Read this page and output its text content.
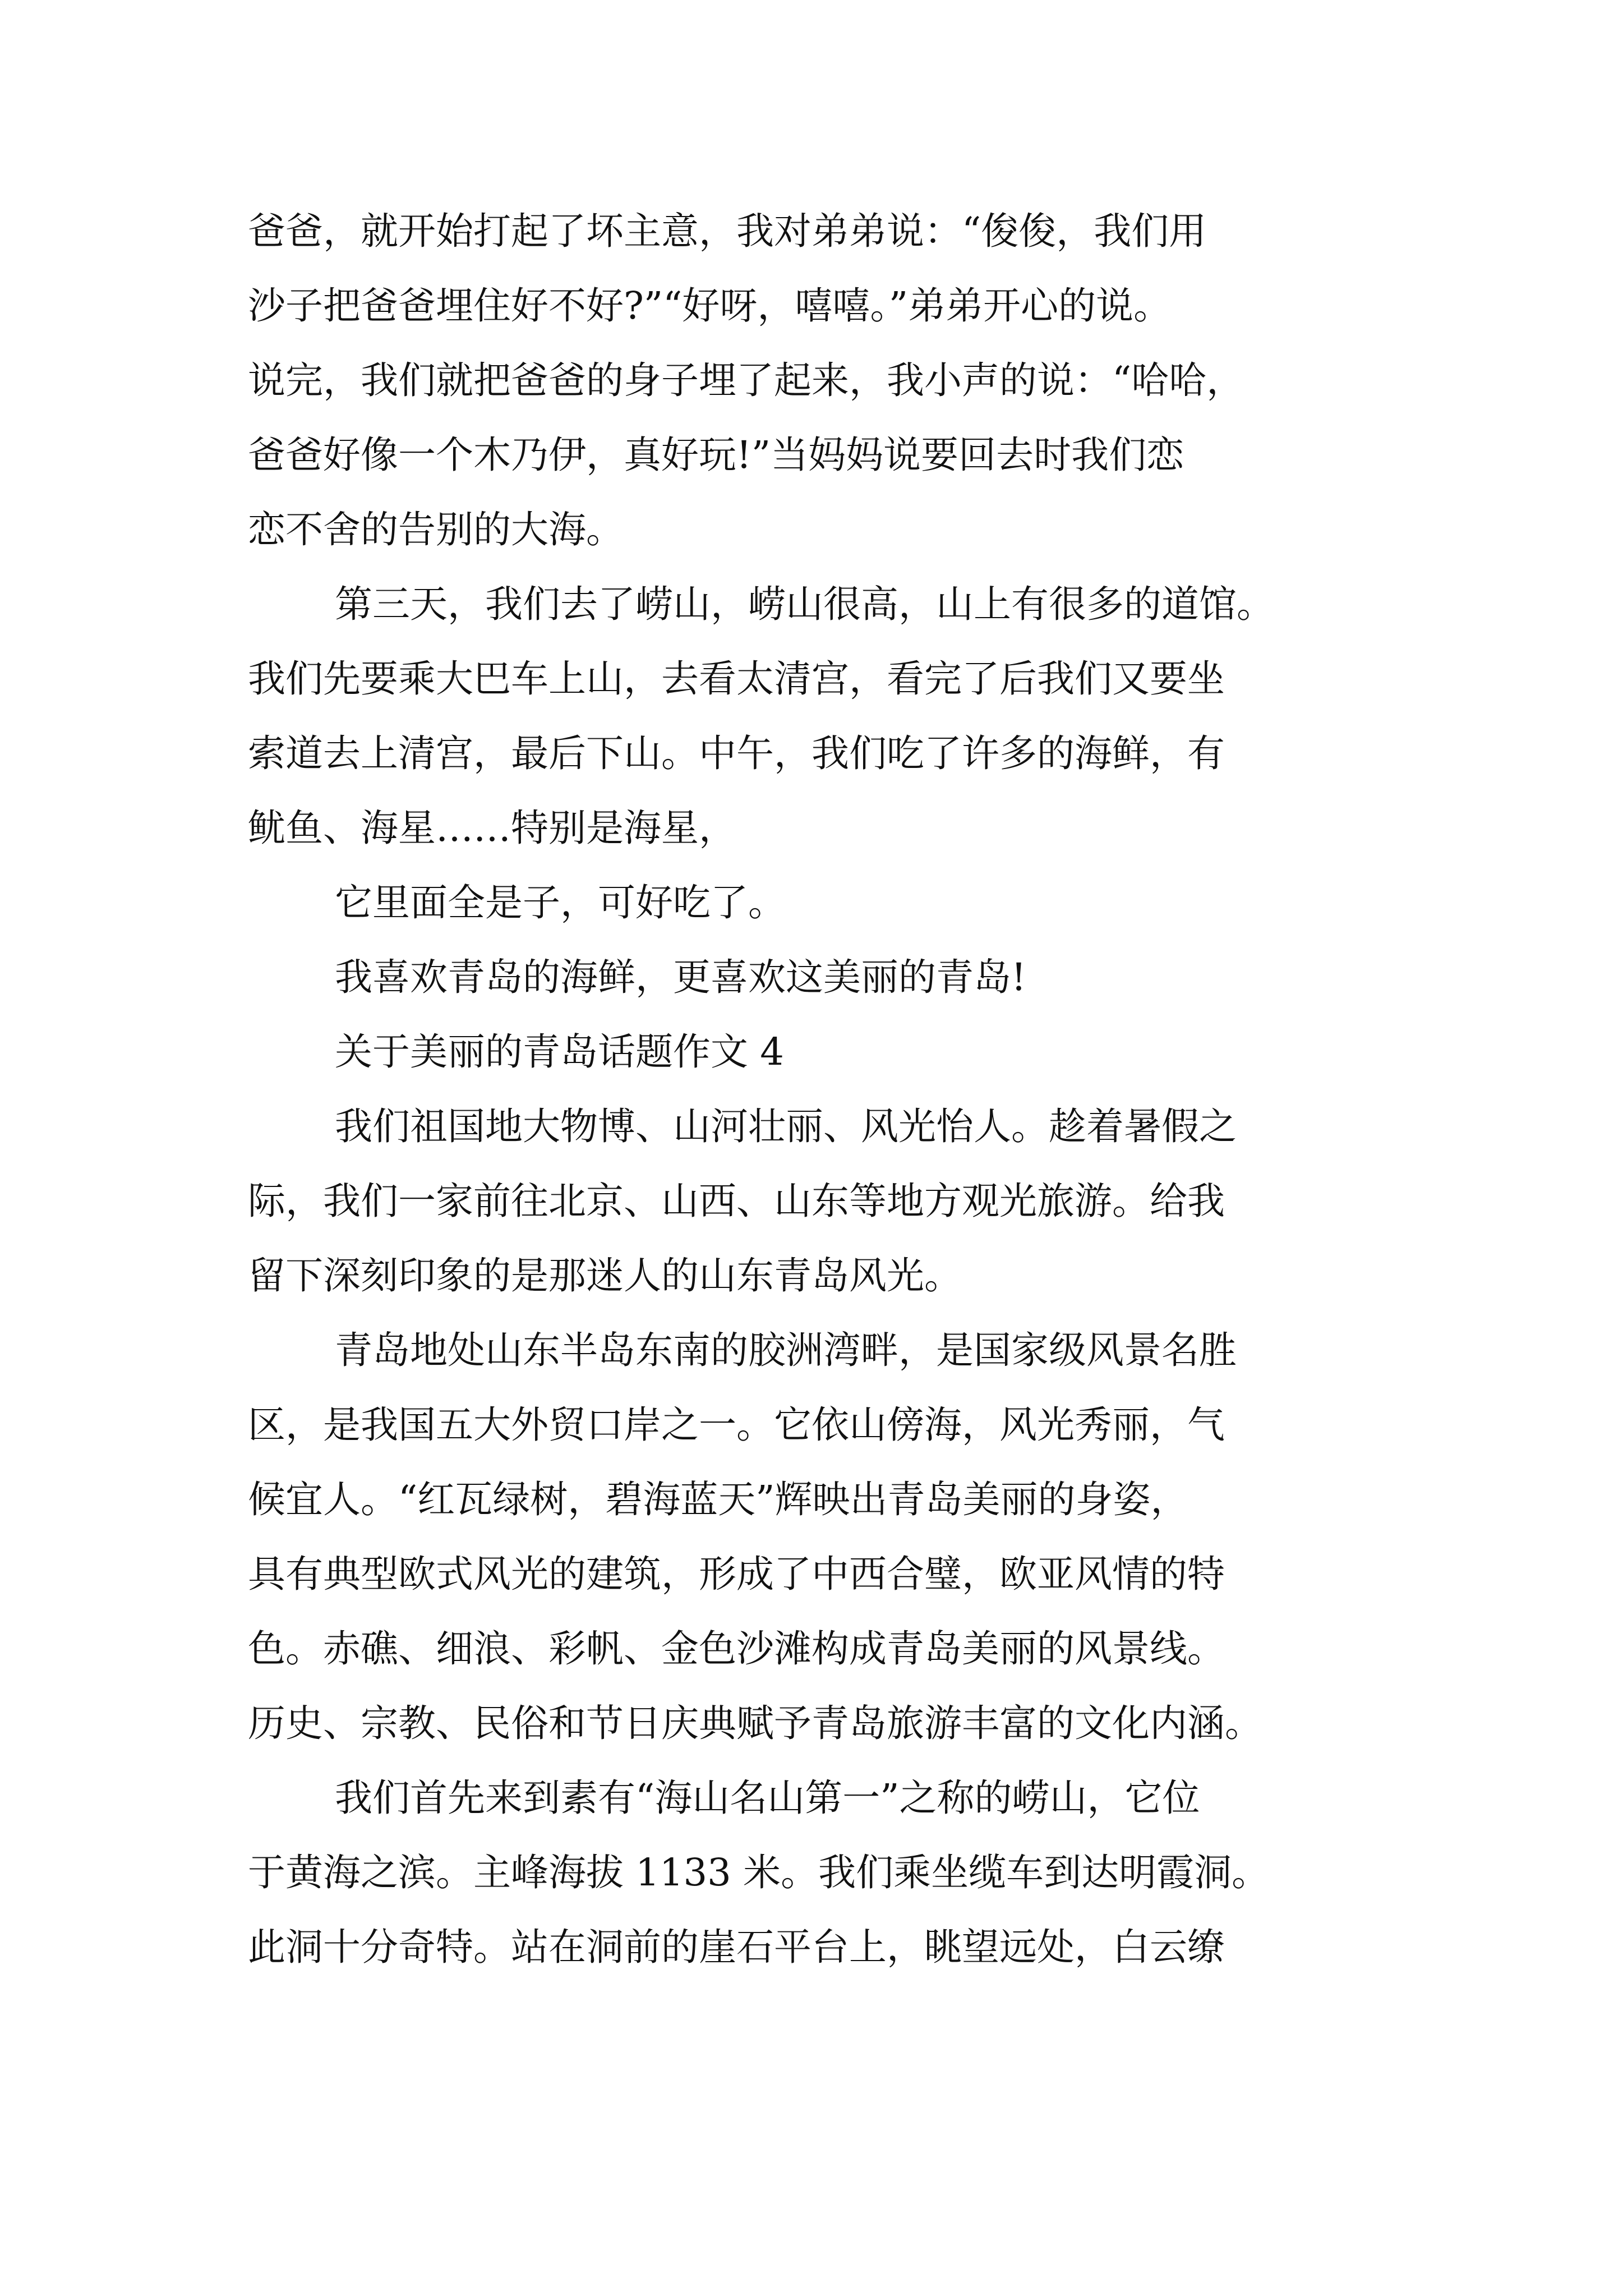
爸爸，就开始打起了坏主意，我对弟弟说：“俊俊，我们用
沙子把爸爸埋住好不好?”“好呀，嘻嘻。”弟弟开心的说。
说完，我们就把爸爸的身子埋了起来，我小声的说：“哈哈，
爸爸好像一个木乃伊，真好玩!”当妈妈说要回去时我们恋
恋不舍的告别的大海。
第三天，我们去了崂山，崂山很高，山上有很多的道馆。
我们先要乘大巴车上山，去看太清宫，看完了后我们又要坐
索道去上清宫，最后下山。中午，我们吃了许多的海鲜，有
鱿鱼、海星……特别是海星，
它里面全是子，可好吃了。
我喜欢青岛的海鲜，更喜欢这美丽的青岛!
关于美丽的青岛话题作文 4
我们祖国地大物博、山河壮丽、风光怡人。趁着暑假之
际，我们一家前往北京、山西、山东等地方观光旅游。给我
留下深刻印象的是那迷人的山东青岛风光。
青岛地处山东半岛东南的胶洲湾畔，是国家级风景名胜
区，是我国五大外贸口岸之一。它依山傍海，风光秀丽，气
候宜人。“红瓦绿树，碧海蓝天”辉映出青岛美丽的身姿，
具有典型欧式风光的建筑，形成了中西合璧，欧亚风情的特
色。赤礁、细浪、彩帆、金色沙滩构成青岛美丽的风景线。
历史、宗教、民俗和节日庆典赋予青岛旅游丰富的文化内涵。
我们首先来到素有“海山名山第一”之称的崂山，它位
于黄海之滨。主峰海拔 1133 米。我们乘坐缆车到达明霞洞。
此洞十分奇特。站在洞前的崖石平台上，眺望远处，白云缭
